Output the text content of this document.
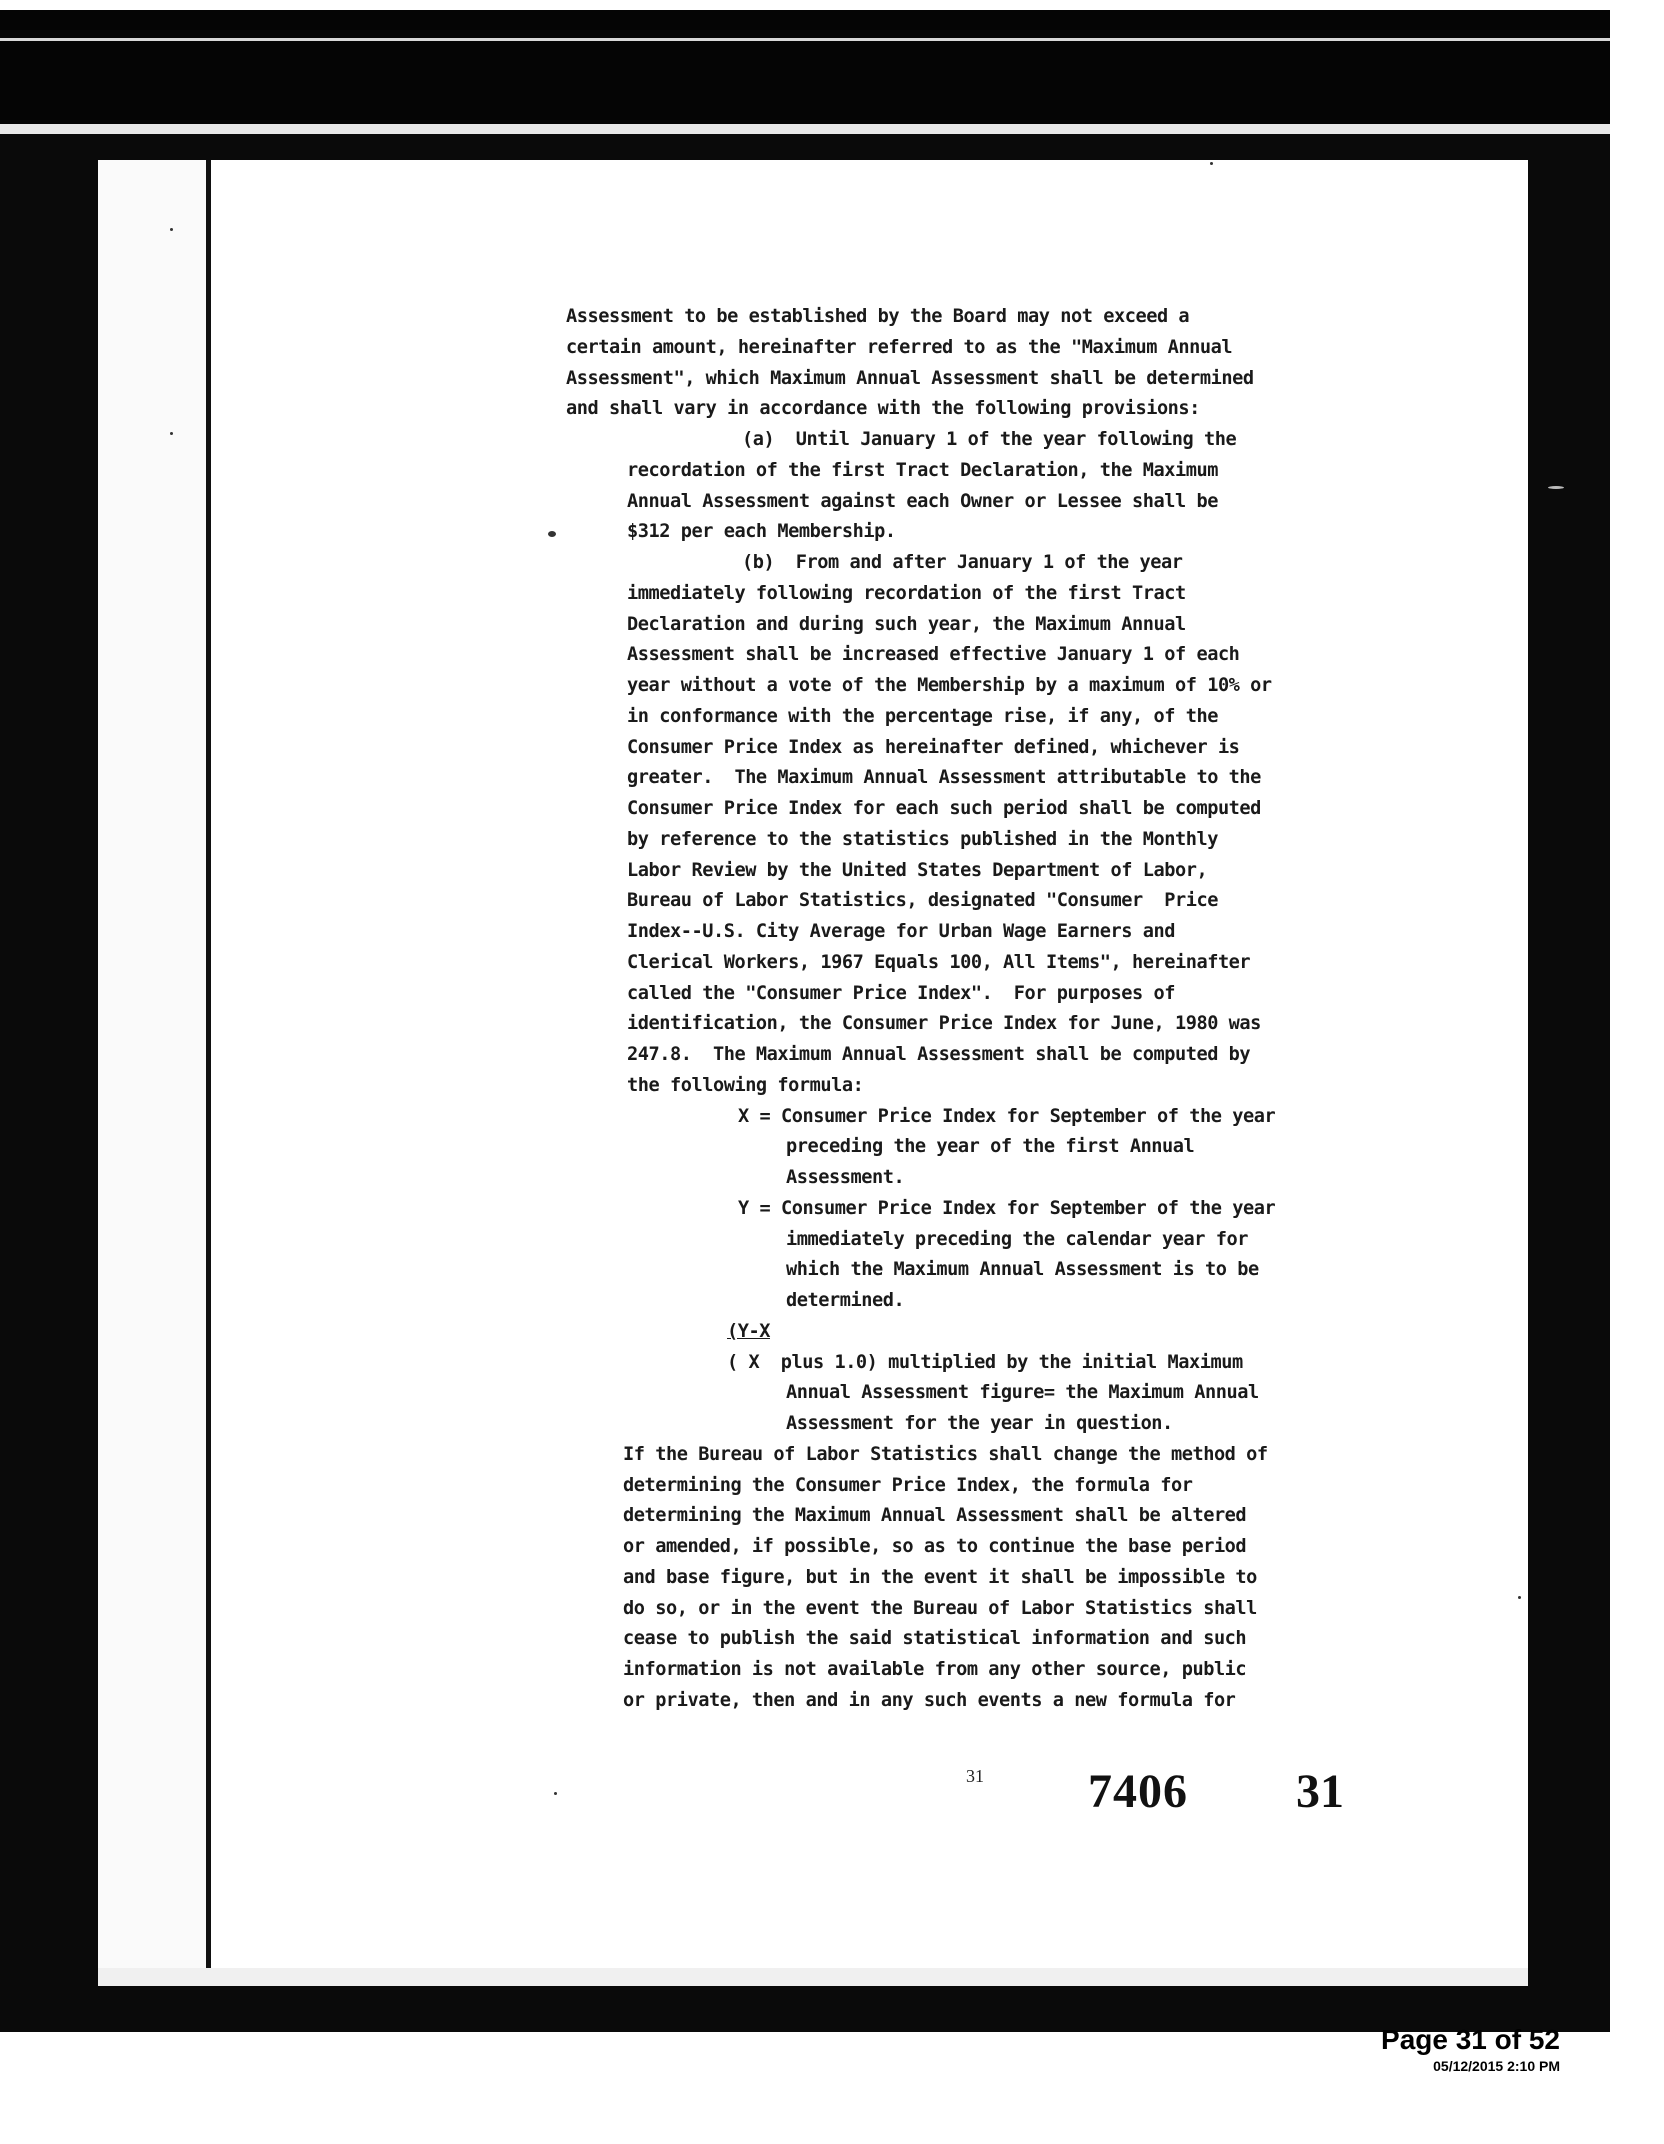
Assessment to be established by the Board may not exceed a

certain amount, hereinafter referred to as the "Maximum Annual

Assessment", which Maximum Annual Assessment shall be determined

and shall vary in accordance with the following provisions:

(a)  Until January 1 of the year following the

recordation of the first Tract Declaration, the Maximum

Annual Assessment against each Owner or Lessee shall be

$312 per each Membership.

(b)  From and after January 1 of the year

immediately following recordation of the first Tract

Declaration and during such year, the Maximum Annual

Assessment shall be increased effective January 1 of each

year without a vote of the Membership by a maximum of 10% or

in conformance with the percentage rise, if any, of the

Consumer Price Index as hereinafter defined, whichever is

greater.  The Maximum Annual Assessment attributable to the

Consumer Price Index for each such period shall be computed

by reference to the statistics published in the Monthly

Labor Review by the United States Department of Labor,

Bureau of Labor Statistics, designated "Consumer  Price

Index--U.S. City Average for Urban Wage Earners and

Clerical Workers, 1967 Equals 100, All Items", hereinafter

called the "Consumer Price Index".  For purposes of

identification, the Consumer Price Index for June, 1980 was

247.8.  The Maximum Annual Assessment shall be computed by

the following formula:

X = Consumer Price Index for September of the year

preceding the year of the first Annual

Assessment.

Y = Consumer Price Index for September of the year

immediately preceding the calendar year for

which the Maximum Annual Assessment is to be

determined.

(Y-X

( X  plus 1.0) multiplied by the initial Maximum

Annual Assessment figure= the Maximum Annual

Assessment for the year in question.

If the Bureau of Labor Statistics shall change the method of

determining the Consumer Price Index, the formula for

determining the Maximum Annual Assessment shall be altered

or amended, if possible, so as to continue the base period

and base figure, but in the event it shall be impossible to

do so, or in the event the Bureau of Labor Statistics shall

cease to publish the said statistical information and such

information is not available from any other source, public

or private, then and in any such events a new formula for

31 7406 31
Page 31 of 52
05/12/2015 2:10 PM
